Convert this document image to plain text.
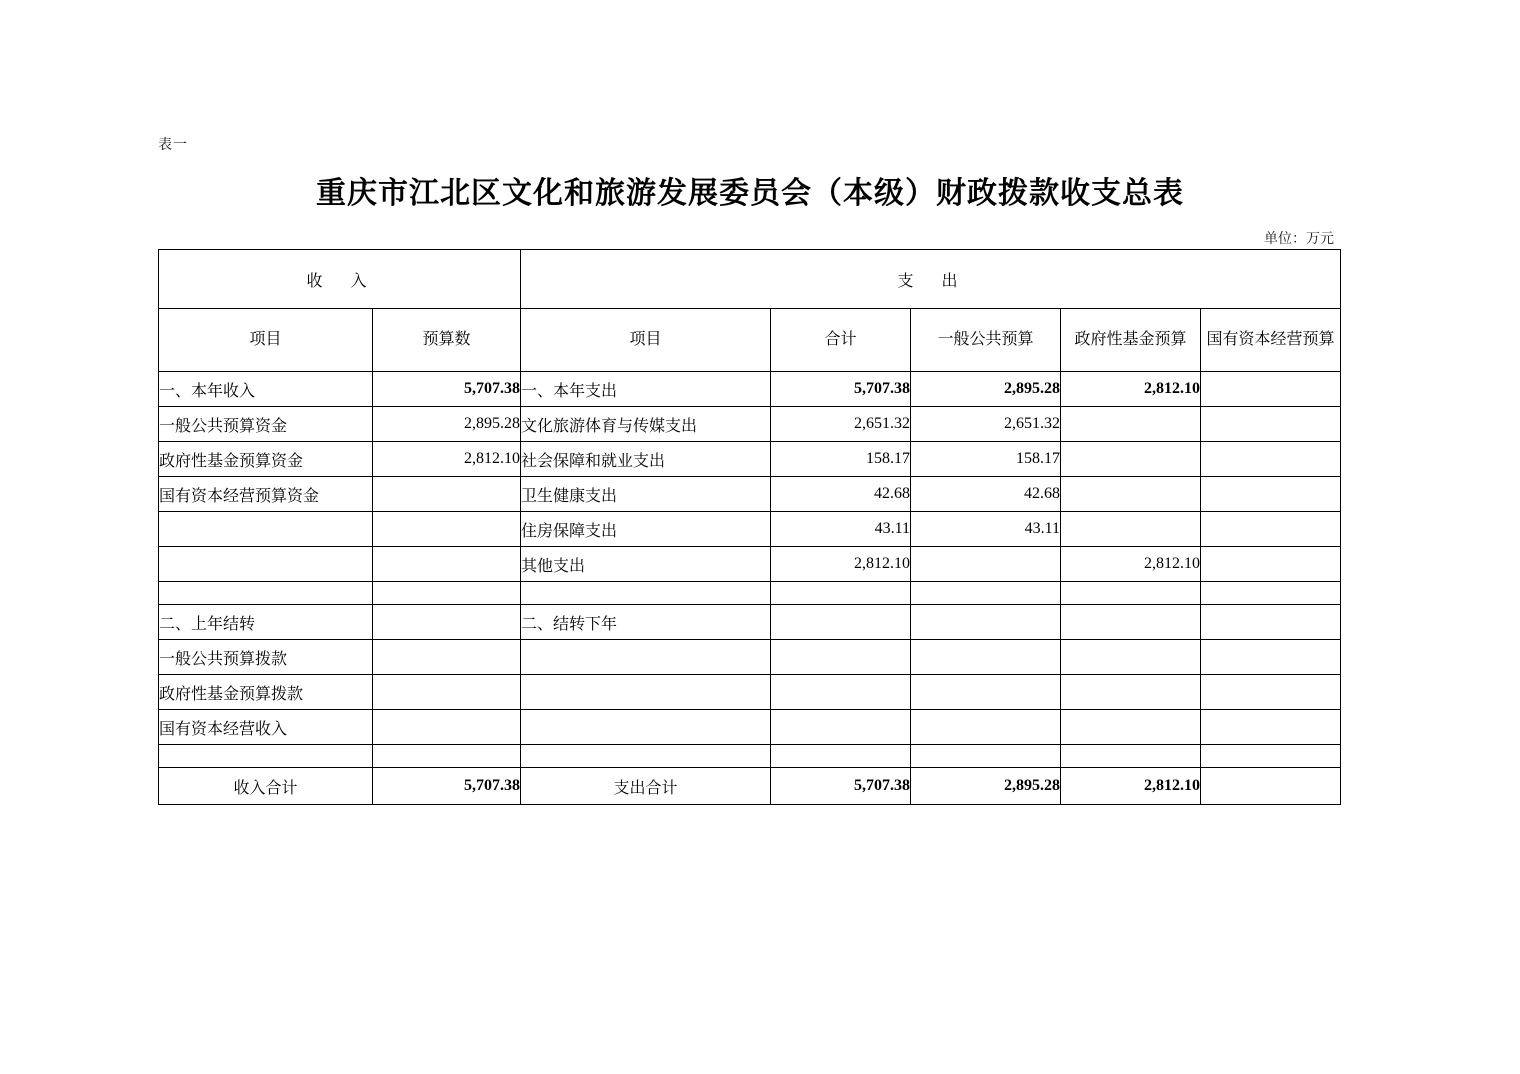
表一
重庆市江北区文化和旅游发展委员会（本级）财政拨款收支总表
单位：万元
收　入		支　出				
项目	预算数	项目	合计	一般公共预算	政府性基金预算	国有资本经营预算
一、本年收入	5,707.38	一、本年支出	5,707.38	2,895.28	2,812.10	
一般公共预算资金	2,895.28	文化旅游体育与传媒支出	2,651.32	2,651.32		
政府性基金预算资金	2,812.10	社会保障和就业支出	158.17	158.17		
国有资本经营预算资金		卫生健康支出	42.68	42.68		
		住房保障支出	43.11	43.11		
		其他支出	2,812.10		2,812.10	

二、上年结转		二、结转下年				
一般公共预算拨款						
政府性基金预算拨款						
国有资本经营收入						

收入合计	5,707.38	支出合计	5,707.38	2,895.28	2,812.10	
